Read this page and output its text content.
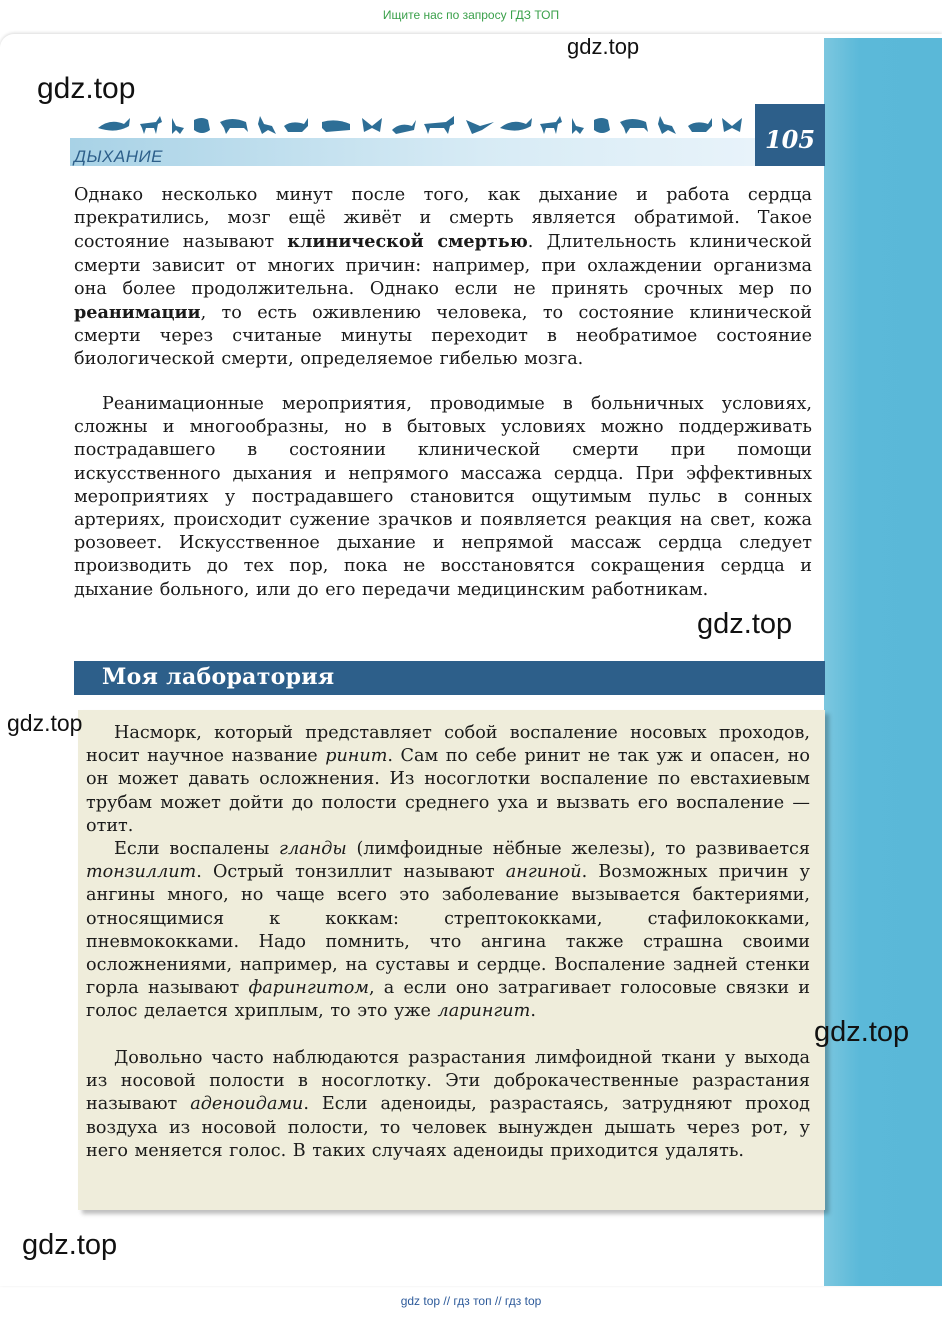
Ищите нас по запросу ГДЗ ТОП
105
ДЫХАНИЕ

Однако несколько минут после того, как дыхание и работа сердца прекратились, мозг ещё живёт и смерть является обратимой. Такое состояние называют клинической смертью. Длительность клинической смерти зависит от многих причин: например, при охлаждении организма она более продолжительна. Однако если не принять срочных мер по реанимации, то есть оживлению человека, то состояние клинической смерти через считаные минуты переходит в необратимое состояние биологической смерти, определяемое гибелью мозга.

Реанимационные мероприятия, проводимые в больничных условиях, сложны и многообразны, но в бытовых условиях можно поддерживать пострадавшего в состоянии клинической смерти при помощи искусственного дыхания и непрямого массажа сердца. При эффективных мероприятиях у пострадавшего становится ощутимым пульс в сонных артериях, происходит сужение зрачков и появляется реакция на свет, кожа розовеет. Искусственное дыхание и непрямой массаж сердца следует производить до тех пор, пока не восстановятся сокращения сердца и дыхание больного, или до его передачи медицинским работникам.

Моя лаборатория

Насморк, который представляет собой воспаление носовых проходов, носит научное название ринит. Сам по себе ринит не так уж и опасен, но он может давать осложнения. Из носоглотки воспаление по евстахиевым трубам может дойти до полости среднего уха и вызвать его воспаление — отит.

Если воспалены гланды (лимфоидные нёбные железы), то развивается тонзиллит. Острый тонзиллит называют ангиной. Возможных причин у ангины много, но чаще всего это заболевание вызывается бактериями, относящимися к коккам: стрептококками, стафилококками, пневмококками. Надо помнить, что ангина также страшна своими осложнениями, например, на суставы и сердце. Воспаление задней стенки горла называют фарингитом, а если оно затрагивает голосовые связки и голос делается хриплым, то это уже ларингит.

Довольно часто наблюдаются разрастания лимфоидной ткани у выхода из носовой полости в носоглотку. Эти доброкачественные разрастания называют аденоидами. Если аденоиды, разрастаясь, затрудняют проход воздуха из носовой полости, то человек вынужден дышать через рот, у него меняется голос. В таких случаях аденоиды приходится удалять.

gdz.top
gdz.top
gdz.top
gdz.top
gdz.top
gdz.top
gdz top // гдз топ // гдз top
